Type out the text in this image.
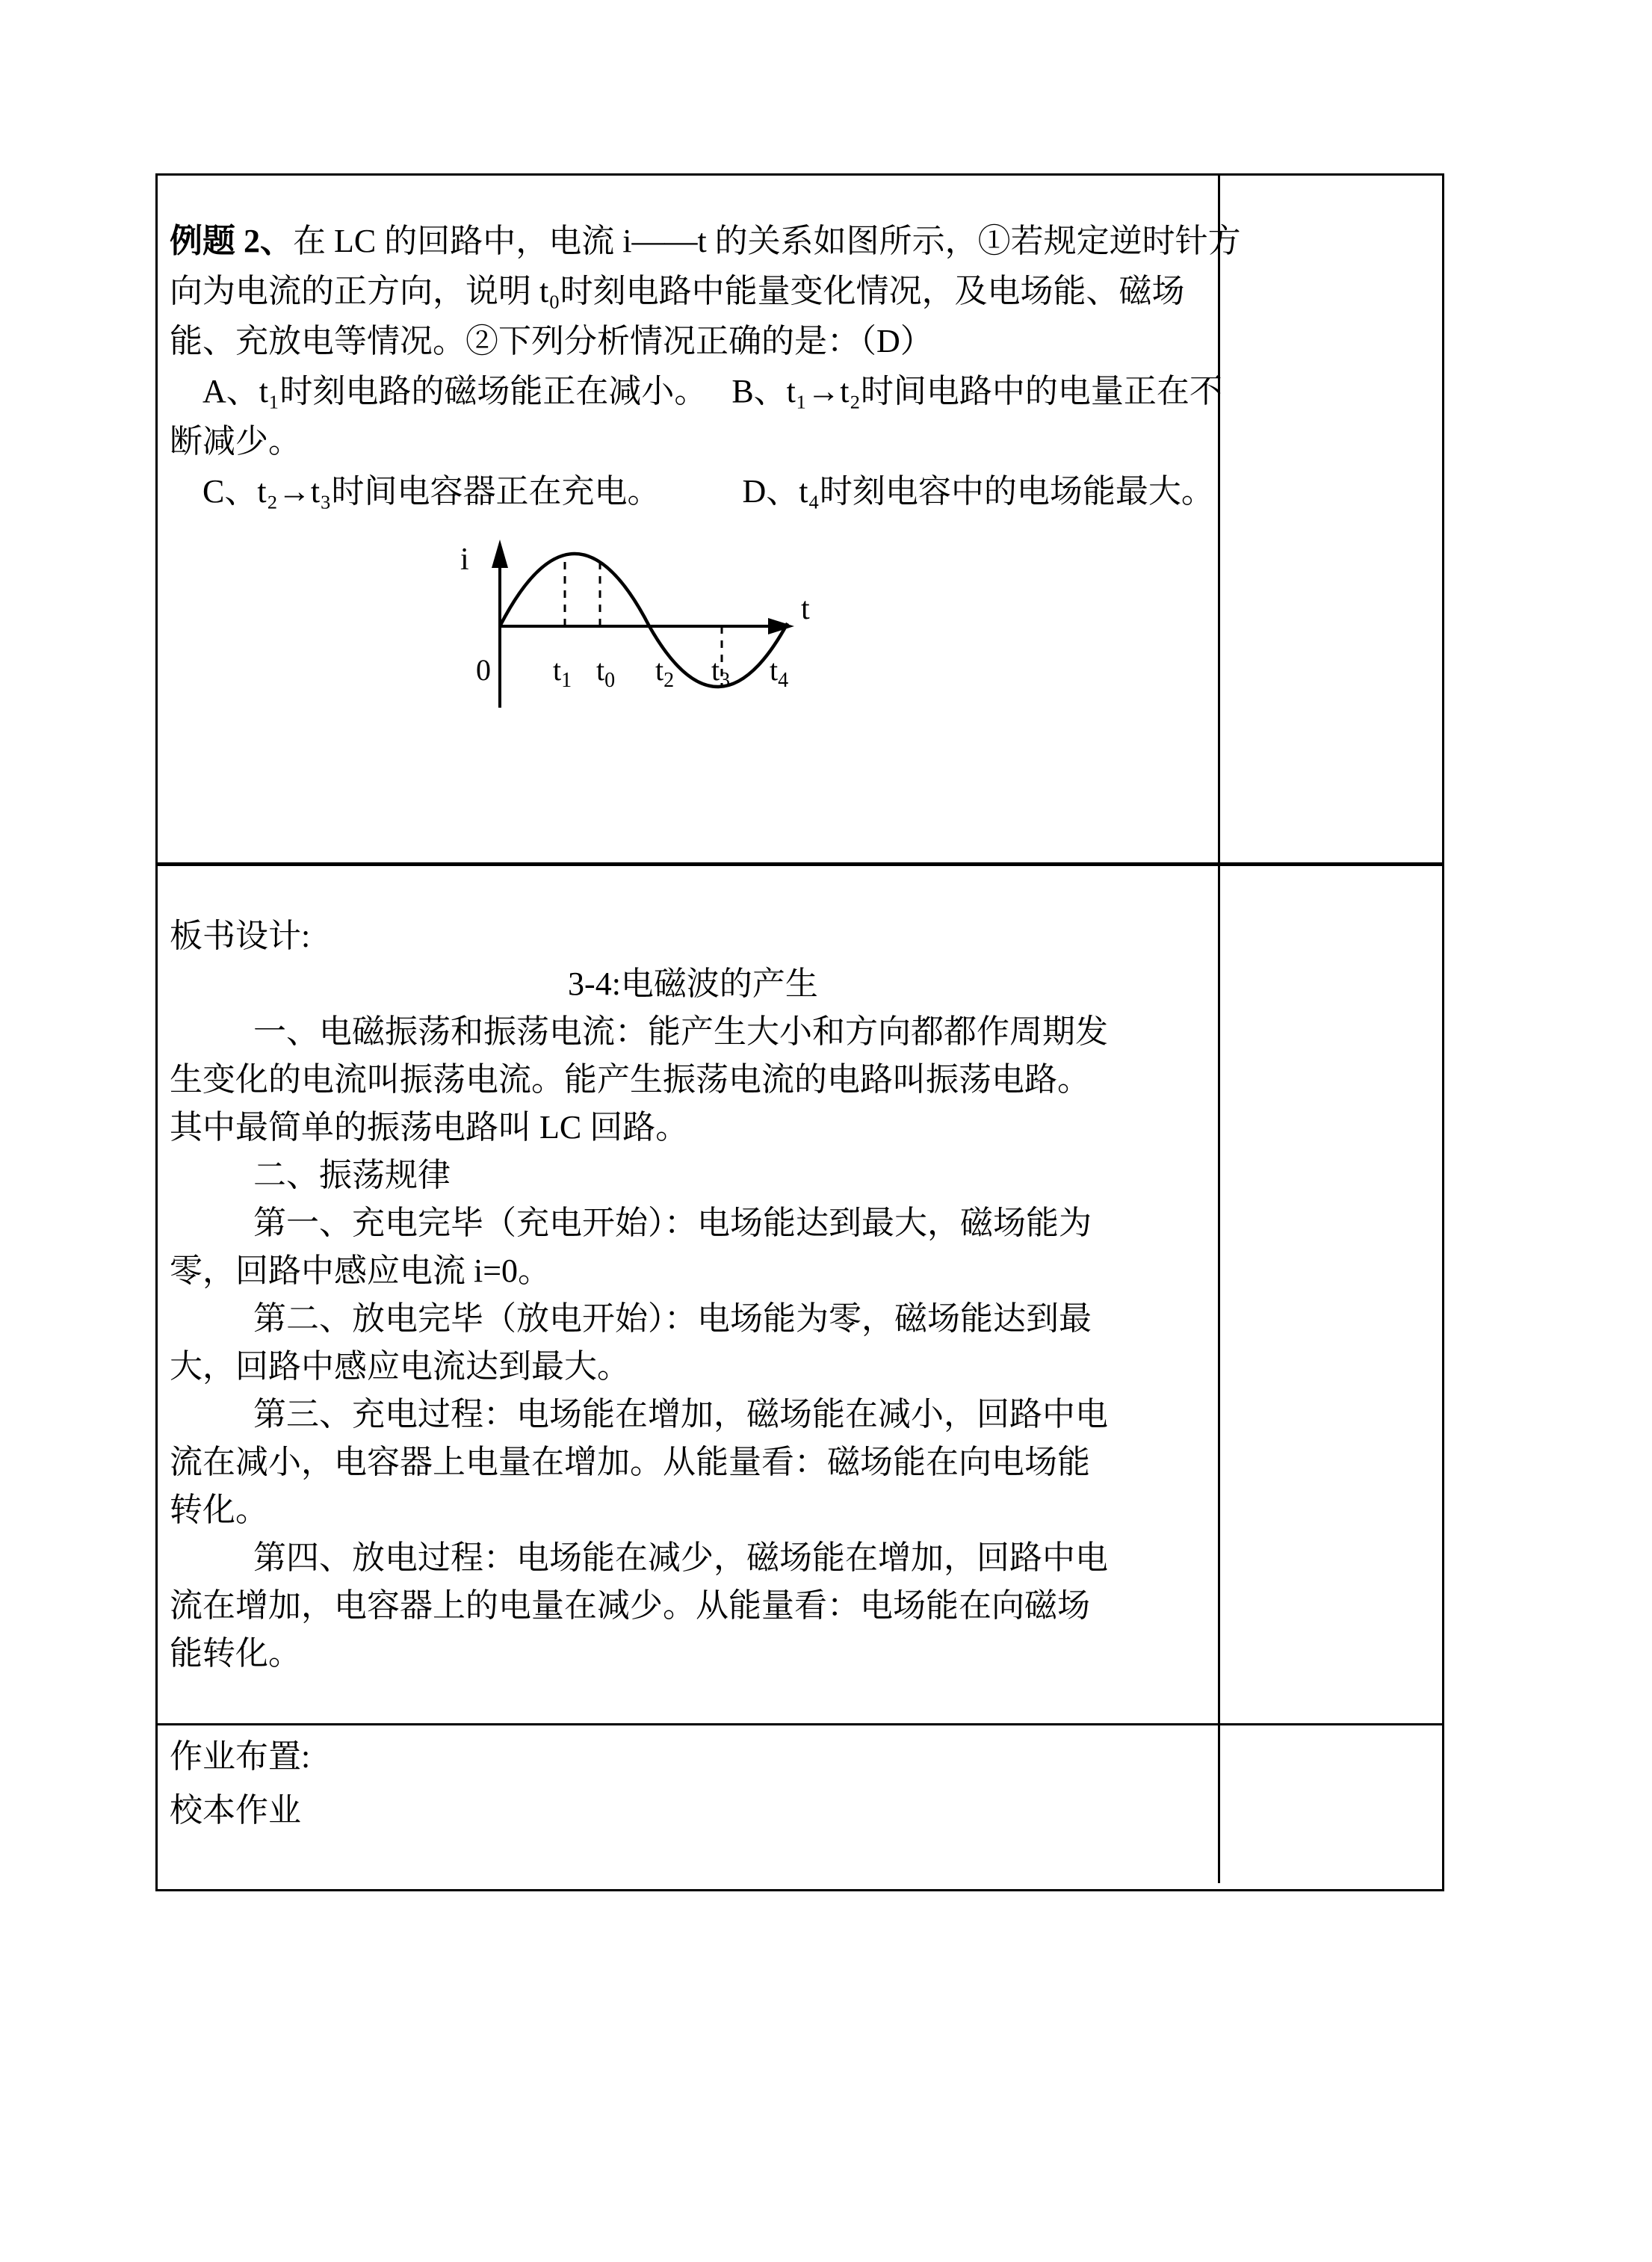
例题 2、在 LC 的回路中，电流 i——t 的关系如图所示，①若规定逆时针方
向为电流的正方向，说明 t₀时刻电路中能量变化情况，及电场能、磁场
能、充放电等情况。②下列分析情况正确的是：（D）
　A、t₁时刻电路的磁场能正在减小。　 B、t₁→t₂时间电路中的电量正在不
断减少。
　C、t₂→t₃时间电容器正在充电。　　　D、t₄时刻电容中的电场能最大。
i
t
0 $t_1$ $t_0$ $t_2$ $t_3$ $t_4$
板书设计:
3-4:电磁波的产生
一、电磁振荡和振荡电流：能产生大小和方向都都作周期发
生变化的电流叫振荡电流。能产生振荡电流的电路叫振荡电路。
其中最简单的振荡电路叫 LC 回路。
二、振荡规律
第一、充电完毕（充电开始）：电场能达到最大，磁场能为
零，回路中感应电流 i=0。
第二、放电完毕（放电开始）：电场能为零，磁场能达到最
大，回路中感应电流达到最大。
第三、充电过程：电场能在增加，磁场能在减小，回路中电
流在减小，电容器上电量在增加。从能量看：磁场能在向电场能
转化。
第四、放电过程：电场能在减少，磁场能在增加，回路中电
流在增加，电容器上的电量在减少。从能量看：电场能在向磁场
能转化。
作业布置:
校本作业
